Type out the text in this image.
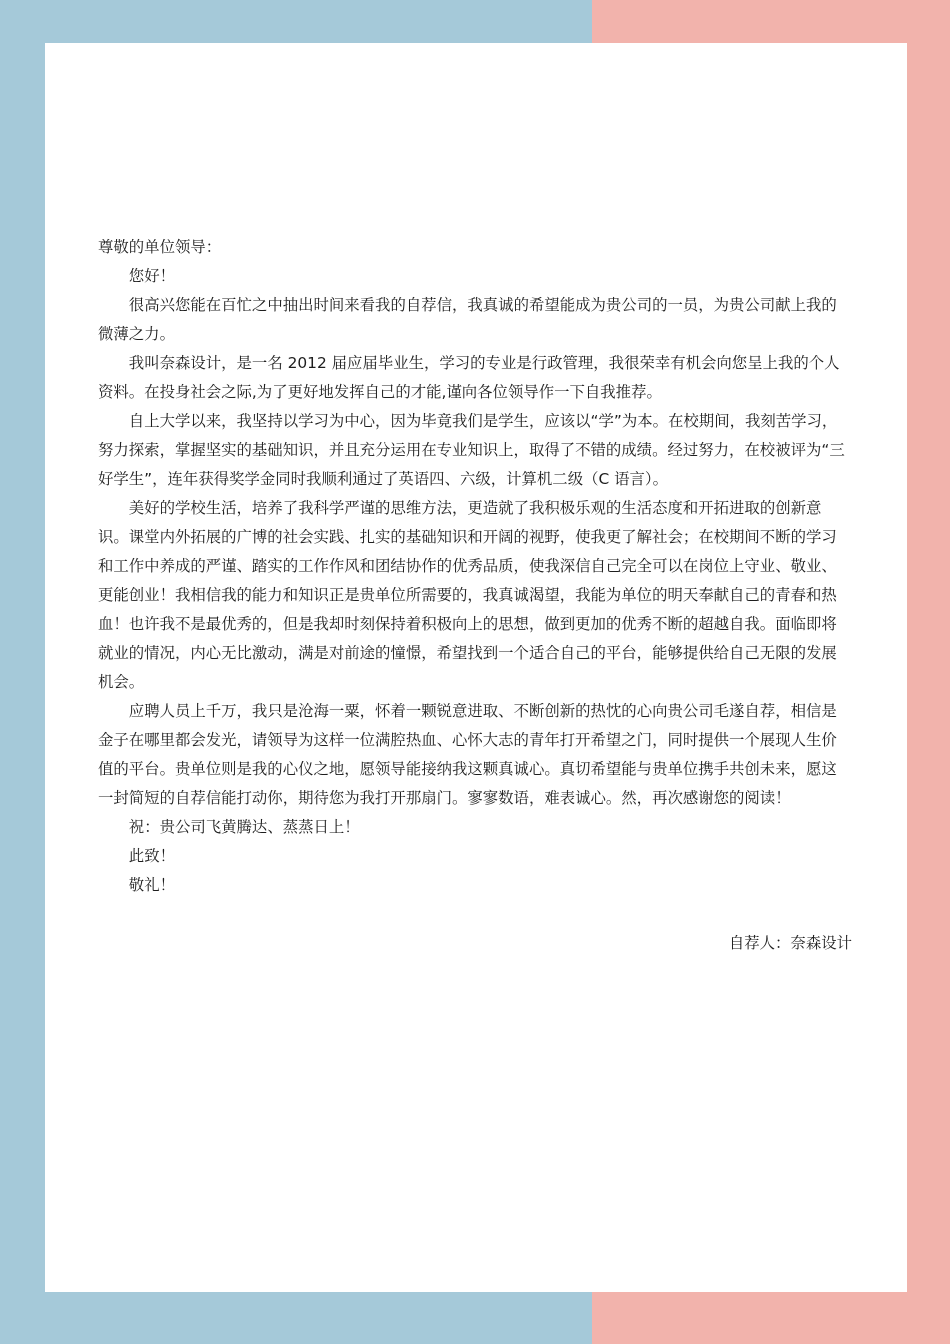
尊敬的单位领导：

您好！

很高兴您能在百忙之中抽出时间来看我的自荐信，我真诚的希望能成为贵公司的一员，为贵公司献上我的微薄之力。

我叫奈森设计，是一名 2012 届应届毕业生，学习的专业是行政管理，我很荣幸有机会向您呈上我的个人资料。在投身社会之际,为了更好地发挥自己的才能,谨向各位领导作一下自我推荐。

自上大学以来，我坚持以学习为中心，因为毕竟我们是学生，应该以“学”为本。在校期间，我刻苦学习，努力探索，掌握坚实的基础知识，并且充分运用在专业知识上，取得了不错的成绩。经过努力，在校被评为“三好学生”，连年获得奖学金同时我顺利通过了英语四、六级，计算机二级（C 语言）。

美好的学校生活，培养了我科学严谨的思维方法，更造就了我积极乐观的生活态度和开拓进取的创新意识。课堂内外拓展的广博的社会实践、扎实的基础知识和开阔的视野，使我更了解社会；在校期间不断的学习和工作中养成的严谨、踏实的工作作风和团结协作的优秀品质，使我深信自己完全可以在岗位上守业、敬业、更能创业！我相信我的能力和知识正是贵单位所需要的，我真诚渴望，我能为单位的明天奉献自己的青春和热血！也许我不是最优秀的，但是我却时刻保持着积极向上的思想，做到更加的优秀不断的超越自我。面临即将就业的情况，内心无比激动，满是对前途的憧憬，希望找到一个适合自己的平台，能够提供给自己无限的发展机会。

应聘人员上千万，我只是沧海一粟，怀着一颗锐意进取、不断创新的热忱的心向贵公司毛遂自荐，相信是金子在哪里都会发光，请领导为这样一位满腔热血、心怀大志的青年打开希望之门，同时提供一个展现人生价值的平台。贵单位则是我的心仪之地，愿领导能接纳我这颗真诚心。真切希望能与贵单位携手共创未来，愿这一封简短的自荐信能打动你，期待您为我打开那扇门。寥寥数语，难表诚心。然，再次感谢您的阅读！

祝：贵公司飞黄腾达、蒸蒸日上！

此致！

敬礼！

自荐人：奈森设计
